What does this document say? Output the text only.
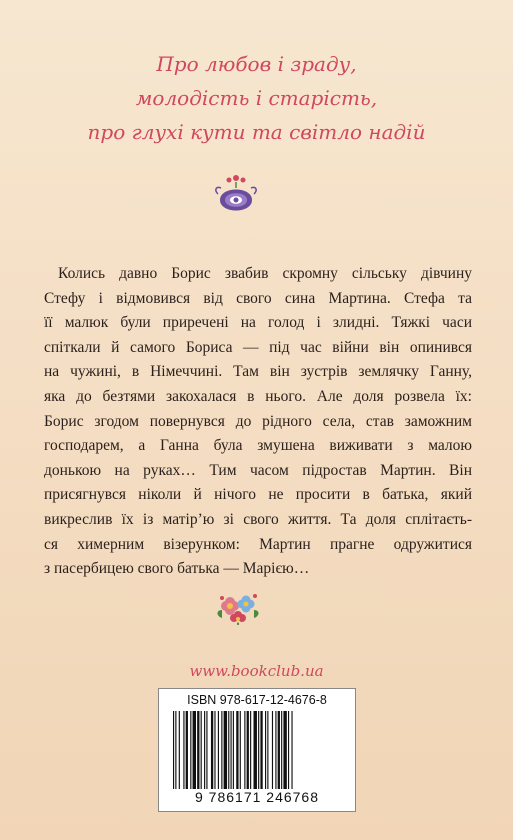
Про любов і зраду,
молодість і старість,
про глухі кути та світло надій
Колись давно Борис звабив скромну сільську дівчину
Стефу і відмовився від свого сина Мартина. Стефа та
її малюк були приречені на голод і злидні. Тяжкі часи
спіткали й самого Бориса — під час війни він опинився
на чужині, в Німеччині. Там він зустрів землячку Ганну,
яка до безтями закохалася в нього. Але доля розвела їх:
Борис згодом повернувся до рідного села, став заможним
господарем, а Ганна була змушена виживати з малою
донькою на руках… Тим часом підростав Мартин. Він
присягнувся ніколи й нічого не просити в батька, який
викреслив їх із матір’ю зі свого життя. Та доля сплітаєть-
ся химерним візерунком: Мартин прагне одружитися
з пасербицею свого батька — Марією…
www.bookclub.ua
ISBN 978-617-12-4676-8
9 786171 246768
